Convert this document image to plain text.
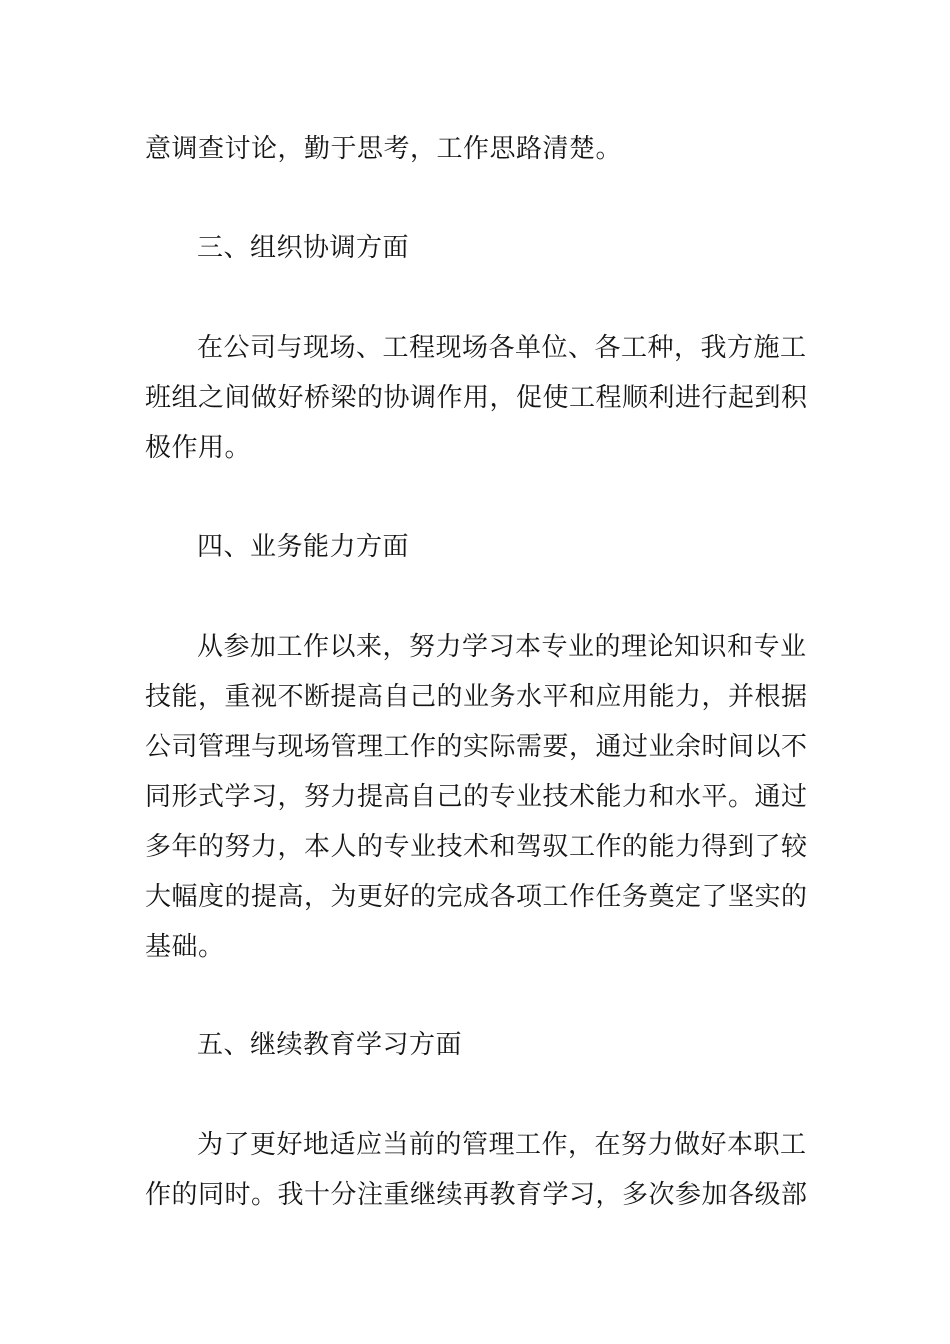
意调查讨论，勤于思考，工作思路清楚。
三、组织协调方面
在公司与现场、工程现场各单位、各工种，我方施工
班组之间做好桥梁的协调作用，促使工程顺利进行起到积
极作用。
四、业务能力方面
从参加工作以来，努力学习本专业的理论知识和专业
技能，重视不断提高自己的业务水平和应用能力，并根据
公司管理与现场管理工作的实际需要，通过业余时间以不
同形式学习，努力提高自己的专业技术能力和水平。通过
多年的努力，本人的专业技术和驾驭工作的能力得到了较
大幅度的提高，为更好的完成各项工作任务奠定了坚实的
基础。
五、继续教育学习方面
为了更好地适应当前的管理工作，在努力做好本职工
作的同时。我十分注重继续再教育学习，多次参加各级部
